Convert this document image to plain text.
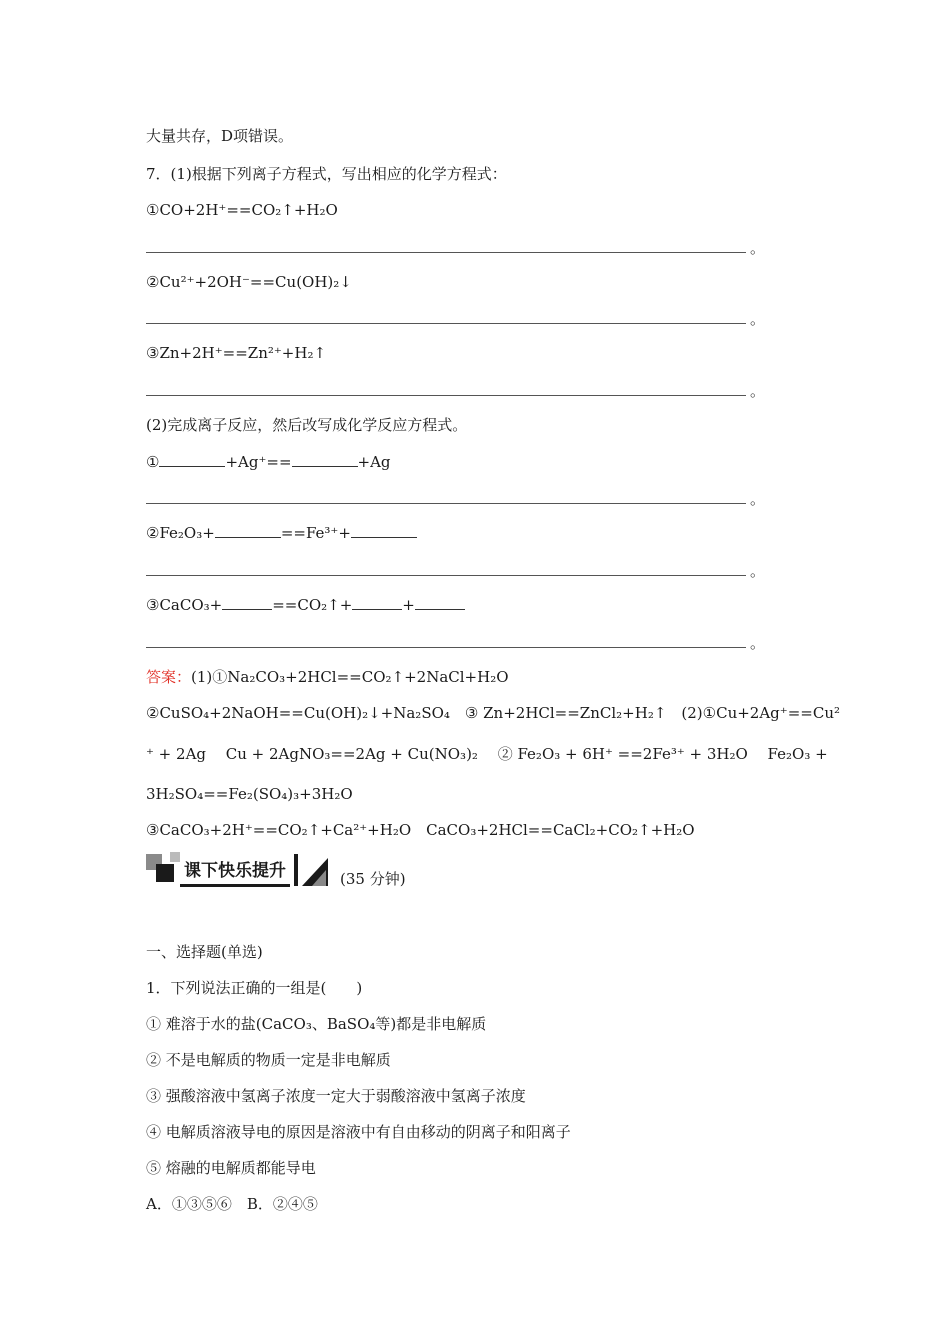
大量共存，D项错误。
7．(1)根据下列离子方程式，写出相应的化学方程式：
①CO+2H⁺==CO₂↑+H₂O
。
②Cu²⁺+2OH⁻==Cu(OH)₂↓
。
③Zn+2H⁺==Zn²⁺+H₂↑
。
(2)完成离子反应，然后改写成化学反应方程式。
①	+Ag⁺==	+Ag
。
②Fe₂O₃+	==Fe³⁺+
。
③CaCO₃+	==CO₂↑+	+
。
答案：(1)①Na₂CO₃+2HCl==CO₂↑+2NaCl+H₂O
②CuSO₄+2NaOH==Cu(OH)₂↓+Na₂SO₄　③ Zn+2HCl==ZnCl₂+H₂↑　(2)①Cu+2Ag⁺==Cu²
⁺ + 2Ag　 Cu + 2AgNO₃==2Ag + Cu(NO₃)₂　 ② Fe₂O₃ + 6H⁺ ==2Fe³⁺ + 3H₂O　 Fe₂O₃ +
3H₂SO₄==Fe₂(SO₄)₃+3H₂O
③CaCO₃+2H⁺==CO₂↑+Ca²⁺+H₂O　CaCO₃+2HCl==CaCl₂+CO₂↑+H₂O
课下快乐提升	(35 分钟)
一、选择题(单选)
1．下列说法正确的一组是(　　)
① 难溶于水的盐(CaCO₃、BaSO₄等)都是非电解质
② 不是电解质的物质一定是非电解质
③ 强酸溶液中氢离子浓度一定大于弱酸溶液中氢离子浓度
④ 电解质溶液导电的原因是溶液中有自由移动的阴离子和阳离子
⑤ 熔融的电解质都能导电
A．①③⑤⑥　B．②④⑤
